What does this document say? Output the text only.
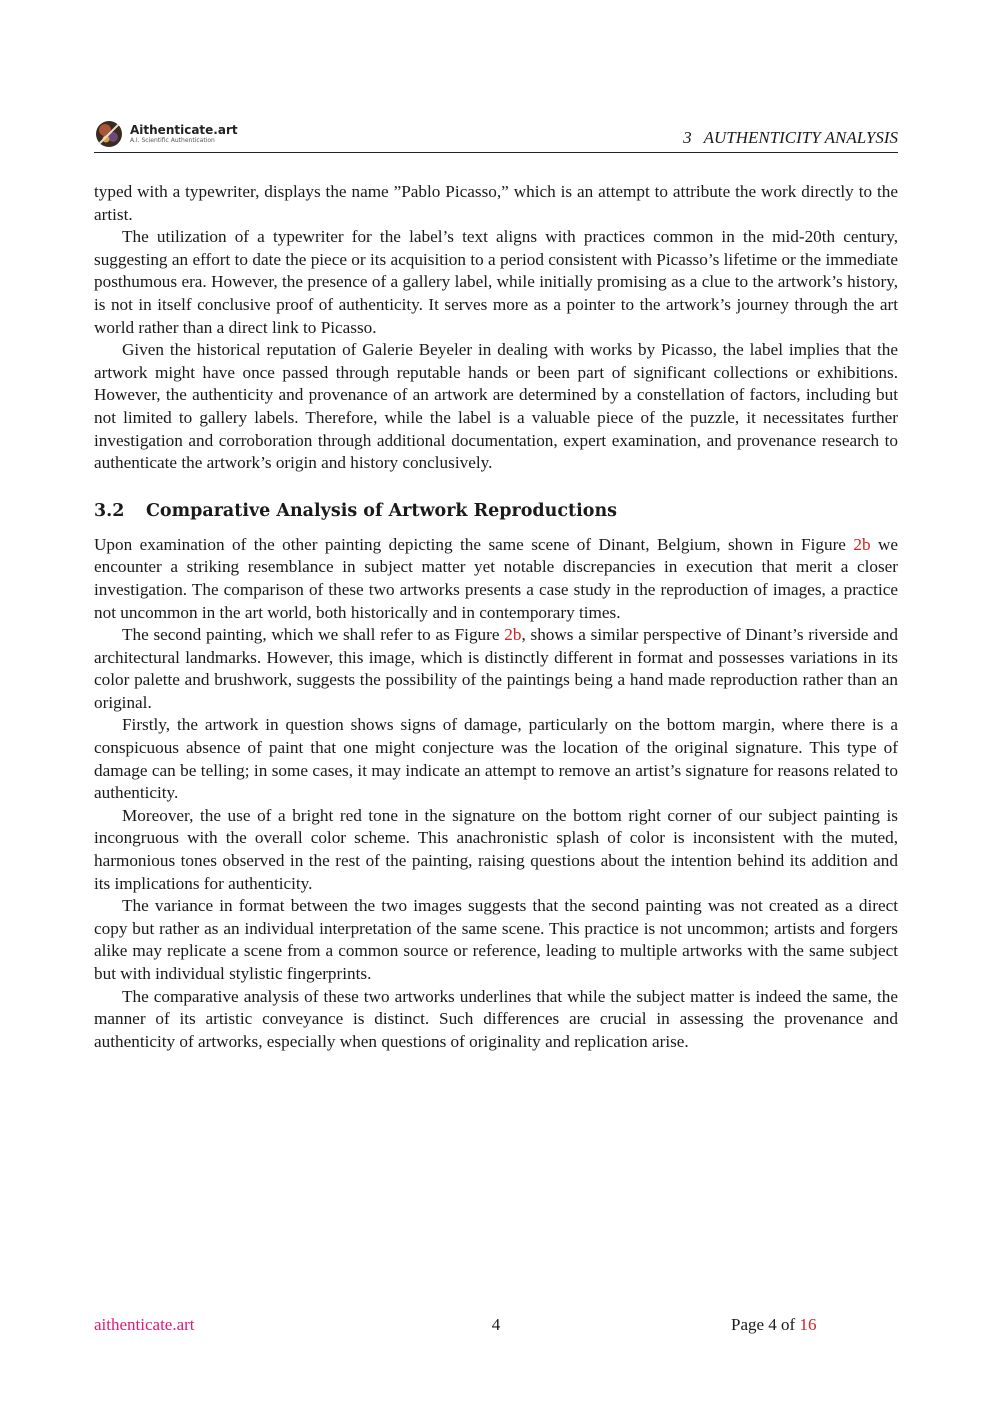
Aithenticate.art
A.I. Scientific Authentication	3 AUTHENTICITY ANALYSIS

typed with a typewriter, displays the name ”Pablo Picasso,” which is an attempt to attribute the work directly to the artist.

The utilization of a typewriter for the label’s text aligns with practices common in the mid-20th century, suggesting an effort to date the piece or its acquisition to a period consistent with Picasso’s lifetime or the immediate posthumous era. However, the presence of a gallery label, while initially promising as a clue to the artwork’s history, is not in itself conclusive proof of authenticity. It serves more as a pointer to the artwork’s journey through the art world rather than a direct link to Picasso.

Given the historical reputation of Galerie Beyeler in dealing with works by Picasso, the label implies that the artwork might have once passed through reputable hands or been part of significant collections or exhibitions. However, the authenticity and provenance of an artwork are determined by a constellation of factors, including but not limited to gallery labels. Therefore, while the label is a valuable piece of the puzzle, it necessitates further investigation and corroboration through additional documentation, expert examination, and provenance research to authenticate the artwork’s origin and history conclusively.

3.2	Comparative Analysis of Artwork Reproductions

Upon examination of the other painting depicting the same scene of Dinant, Belgium, shown in Figure 2b we encounter a striking resemblance in subject matter yet notable discrepancies in execution that merit a closer investigation. The comparison of these two artworks presents a case study in the reproduction of images, a practice not uncommon in the art world, both historically and in contemporary times.

The second painting, which we shall refer to as Figure 2b, shows a similar perspective of Dinant’s riverside and architectural landmarks. However, this image, which is distinctly different in format and possesses variations in its color palette and brushwork, suggests the possibility of the paintings being a hand made reproduction rather than an original.

Firstly, the artwork in question shows signs of damage, particularly on the bottom margin, where there is a conspicuous absence of paint that one might conjecture was the location of the original signature. This type of damage can be telling; in some cases, it may indicate an attempt to remove an artist’s signature for reasons related to authenticity.

Moreover, the use of a bright red tone in the signature on the bottom right corner of our subject painting is incongruous with the overall color scheme. This anachronistic splash of color is inconsistent with the muted, harmonious tones observed in the rest of the painting, raising questions about the intention behind its addition and its implications for authenticity.

The variance in format between the two images suggests that the second painting was not created as a direct copy but rather as an individual interpretation of the same scene. This practice is not uncommon; artists and forgers alike may replicate a scene from a common source or reference, leading to multiple artworks with the same subject but with individual stylistic fingerprints.

The comparative analysis of these two artworks underlines that while the subject matter is indeed the same, the manner of its artistic conveyance is distinct. Such differences are crucial in assessing the provenance and authenticity of artworks, especially when questions of originality and replication arise.

aithenticate.art	4	Page 4 of 16
